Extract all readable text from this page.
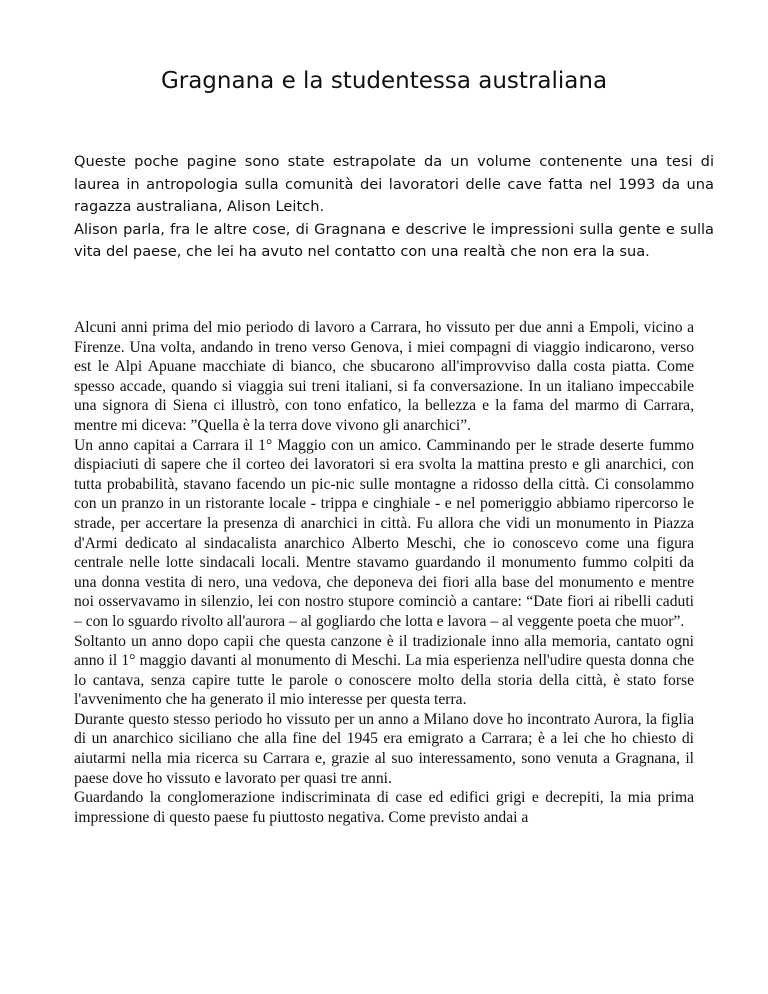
Gragnana e la studentessa australiana

Queste poche pagine sono state estrapolate da un volume contenente una tesi di laurea in antropologia sulla comunità dei lavoratori delle cave fatta nel 1993 da una ragazza australiana, Alison Leitch.

Alison parla, fra le altre cose, di Gragnana e descrive le impressioni sulla gente e sulla vita del paese, che lei ha avuto nel contatto con una realtà che non era la sua.

Alcuni anni prima del mio periodo di lavoro a Carrara, ho vissuto per due anni a Empoli, vicino a Firenze. Una volta, andando in treno verso Genova, i miei compagni di viaggio indicarono, verso est le Alpi Apuane macchiate di bianco, che sbucarono all'improvviso dalla costa piatta. Come spesso accade, quando si viaggia sui treni italiani, si fa conversazione. In un italiano impeccabile una signora di Siena ci illustrò, con tono enfatico, la bellezza e la fama del marmo di Carrara, mentre mi diceva: ”Quella è la terra dove vivono gli anarchici”.

Un anno capitai a Carrara il 1° Maggio con un amico. Camminando per le strade deserte fummo dispiaciuti di sapere che il corteo dei lavoratori si era svolta la mattina presto e gli anarchici, con tutta probabilità, stavano facendo un pic-nic sulle montagne a ridosso della città. Ci consolammo con un pranzo in un ristorante locale - trippa e cinghiale - e nel pomeriggio abbiamo ripercorso le strade, per accertare la presenza di anarchici in città. Fu allora che vidi un monumento in Piazza d'Armi dedicato al sindacalista anarchico Alberto Meschi, che io conoscevo come una figura centrale nelle lotte sindacali locali. Mentre stavamo guardando il monumento fummo colpiti da una donna vestita di nero, una vedova, che deponeva dei fiori alla base del monumento e mentre noi osservavamo in silenzio, lei con nostro stupore cominciò a cantare: “Date fiori ai ribelli caduti – con lo sguardo rivolto all'aurora – al gogliardo che lotta e lavora – al veggente poeta che muor”.

Soltanto un anno dopo capii che questa canzone è il tradizionale inno alla memoria, cantato ogni anno il 1° maggio davanti al monumento di Meschi. La mia esperienza nell'udire questa donna che lo cantava, senza capire tutte le parole o conoscere molto della storia della città, è stato forse l'avvenimento che ha generato il mio interesse per questa terra.

Durante questo stesso periodo ho vissuto per un anno a Milano dove ho incontrato Aurora, la figlia di un anarchico siciliano che alla fine del 1945 era emigrato a Carrara; è a lei che ho chiesto di aiutarmi nella mia ricerca su Carrara e, grazie al suo interessamento, sono venuta a Gragnana, il paese dove ho vissuto e lavorato per quasi tre anni.

Guardando la conglomerazione indiscriminata di case ed edifici grigi e decrepiti, la mia prima impressione di questo paese fu piuttosto negativa. Come previsto andai a
